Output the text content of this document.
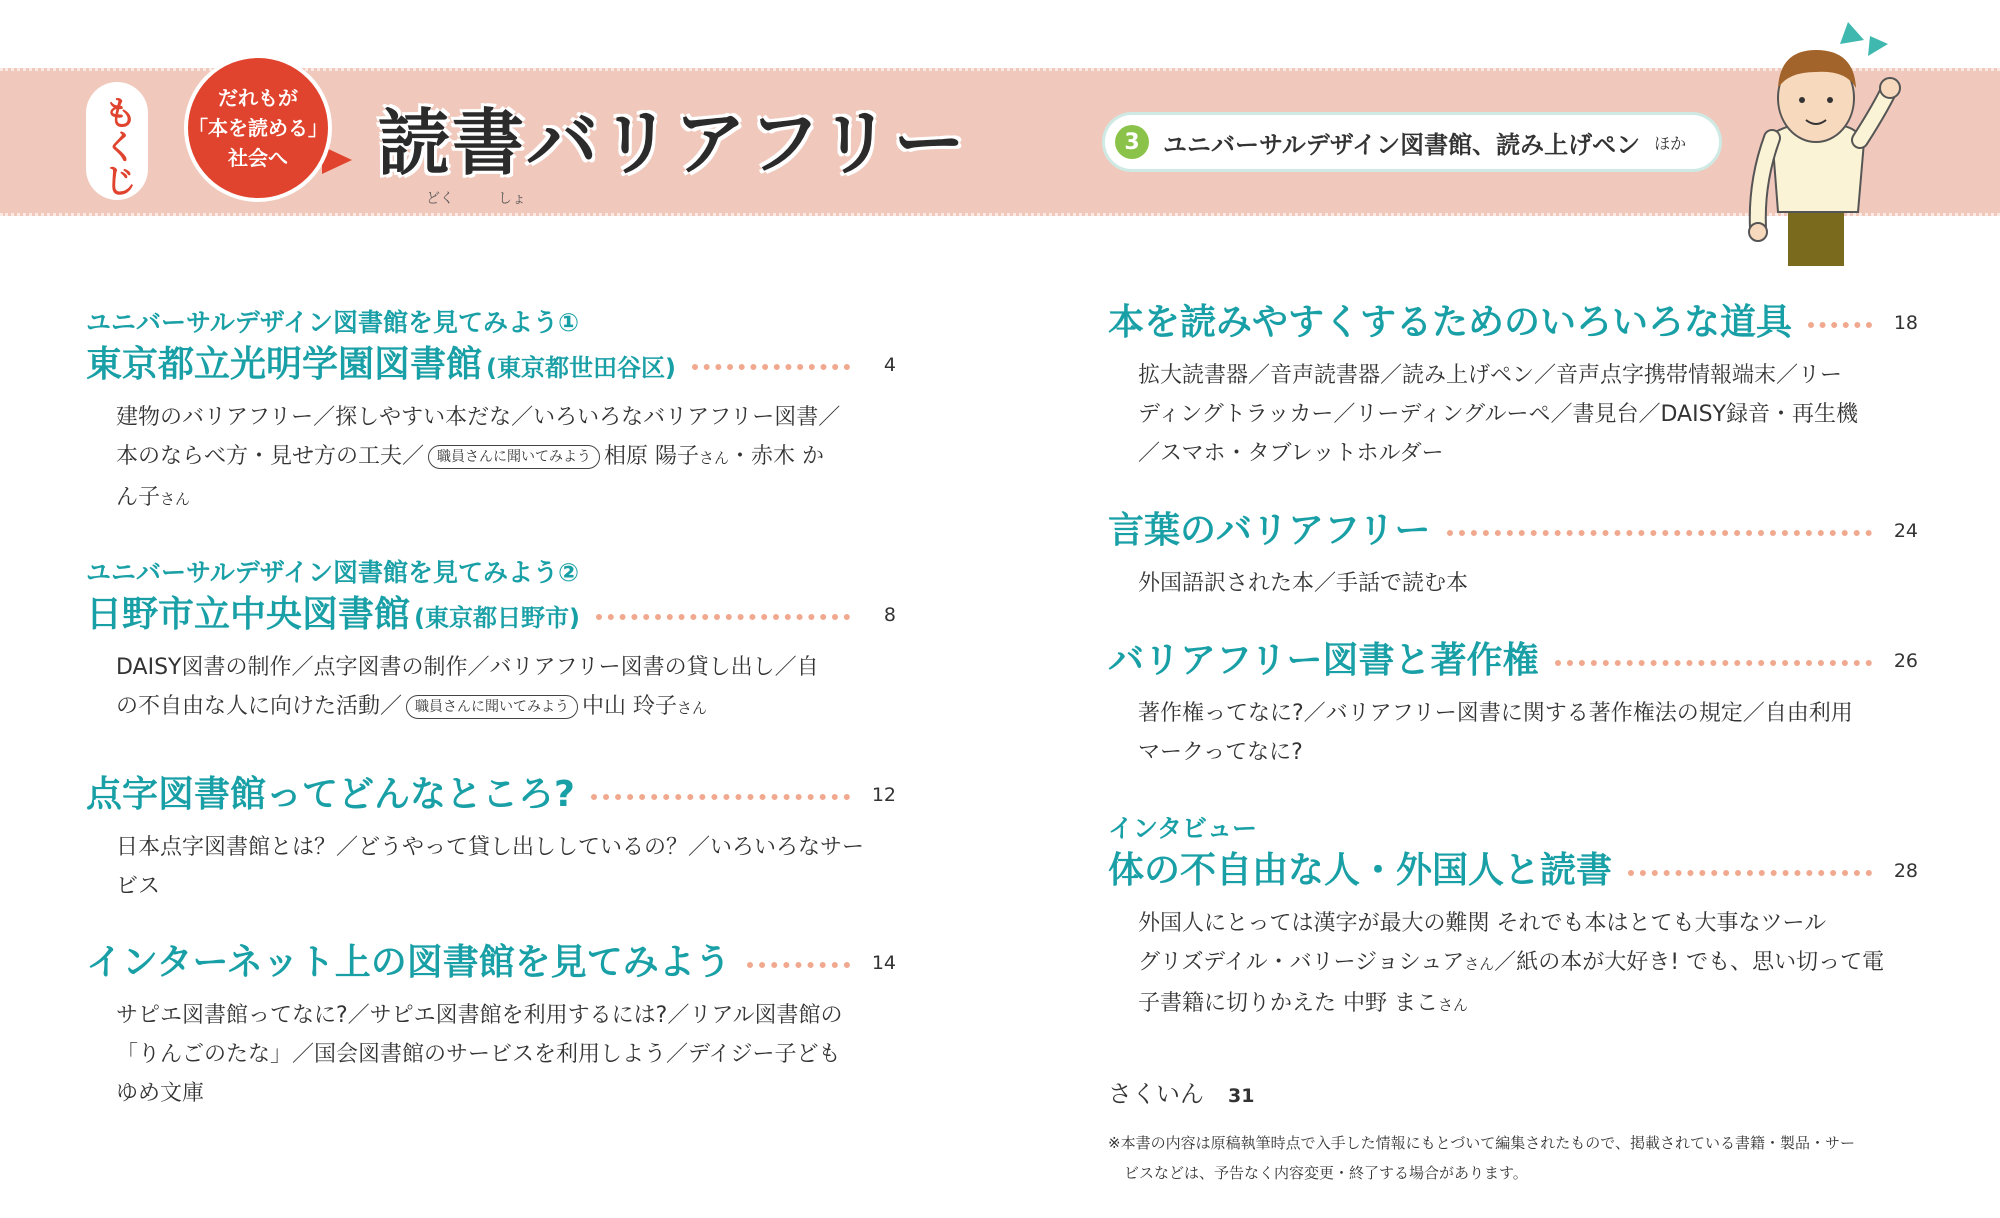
もくじ	だれもが
「本を読める」
社会へ	読書バリアフリー
どく	しょ
3 ユニバーサルデザイン図書館、読み上げペン ほか
ユニバーサルデザイン図書館を見てみよう①
東京都立光明学園図書館 (東京都世田谷区)	4
建物のバリアフリー／探しやすい本だな／いろいろなバリアフリー図書／
本のならべ方・見せ方の工夫／ 職員さんに聞いてみよう 相原 陽子さん・赤木 か
ん子さん
ユニバーサルデザイン図書館を見てみよう②
日野市立中央図書館 (東京都日野市)	8
DAISY図書の制作／点字図書の制作／バリアフリー図書の貸し出し／自
の不自由な人に向けた活動／ 職員さんに聞いてみよう 中山 玲子さん
点字図書館ってどんなところ?	12
日本点字図書館とは？／どうやって貸し出ししているの？／いろいろなサー
ビス
インターネット上の図書館を見てみよう	14
サピエ図書館ってなに?／サピエ図書館を利用するには?／リアル図書館の
「りんごのたな」／国会図書館のサービスを利用しよう／デイジー子ども
ゆめ文庫
本を読みやすくするためのいろいろな道具	18
拡大読書器／音声読書器／読み上げペン／音声点字携帯情報端末／リー
ディングトラッカー／リーディングルーペ／書見台／DAISY録音・再生機
／スマホ・タブレットホルダー
言葉のバリアフリー	24
外国語訳された本／手話で読む本
バリアフリー図書と著作権	26
著作権ってなに?／バリアフリー図書に関する著作権法の規定／自由利用
マークってなに?
インタビュー
体の不自由な人・外国人と読書	28
外国人にとっては漢字が最大の難関 それでも本はとても大事なツール
グリズデイル・バリージョシュアさん／紙の本が大好き! でも、思い切って電
子書籍に切りかえた 中野 まこさん
さくいん 31
※本書の内容は原稿執筆時点で入手した情報にもとづいて編集されたもので、掲載されている書籍・製品・サー
ビスなどは、予告なく内容変更・終了する場合があります。
